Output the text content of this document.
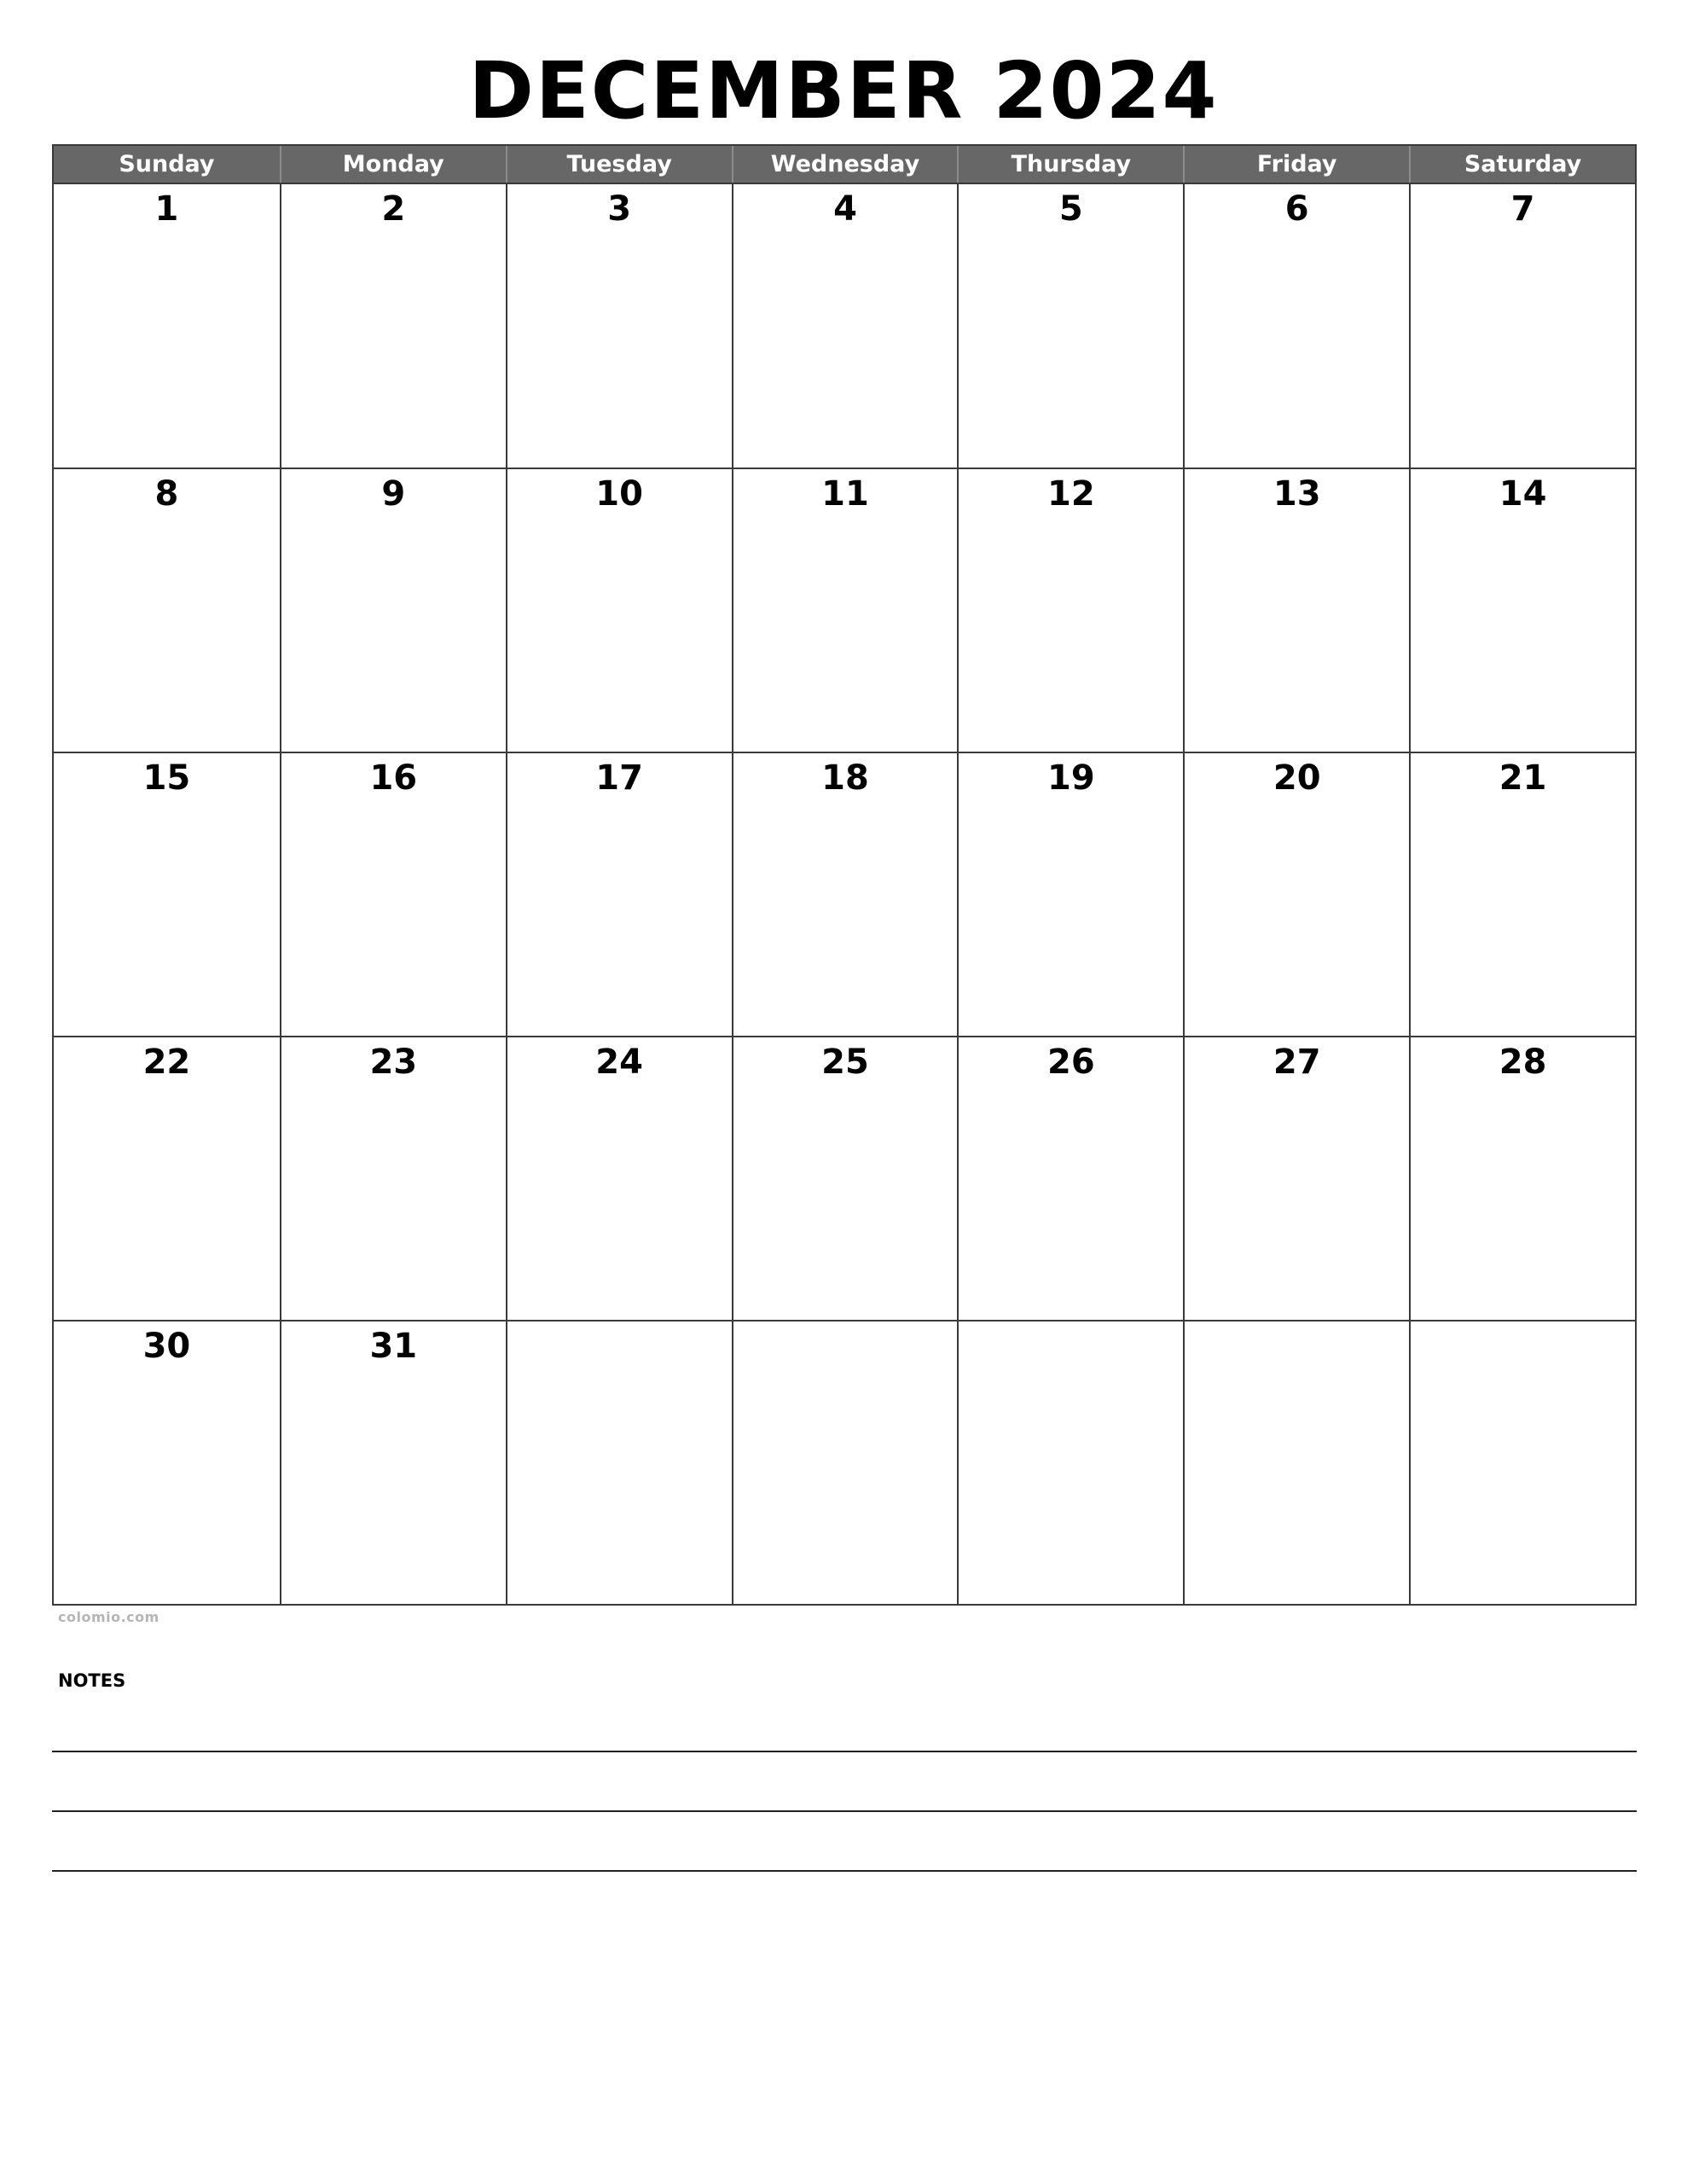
DECEMBER 2024
Sunday	Monday	Tuesday	Wednesday	Thursday	Friday	Saturday
1	2	3	4	5	6	7
8	9	10	11	12	13	14
15	16	17	18	19	20	21
22	23	24	25	26	27	28
30	31
colomio.com
NOTES
